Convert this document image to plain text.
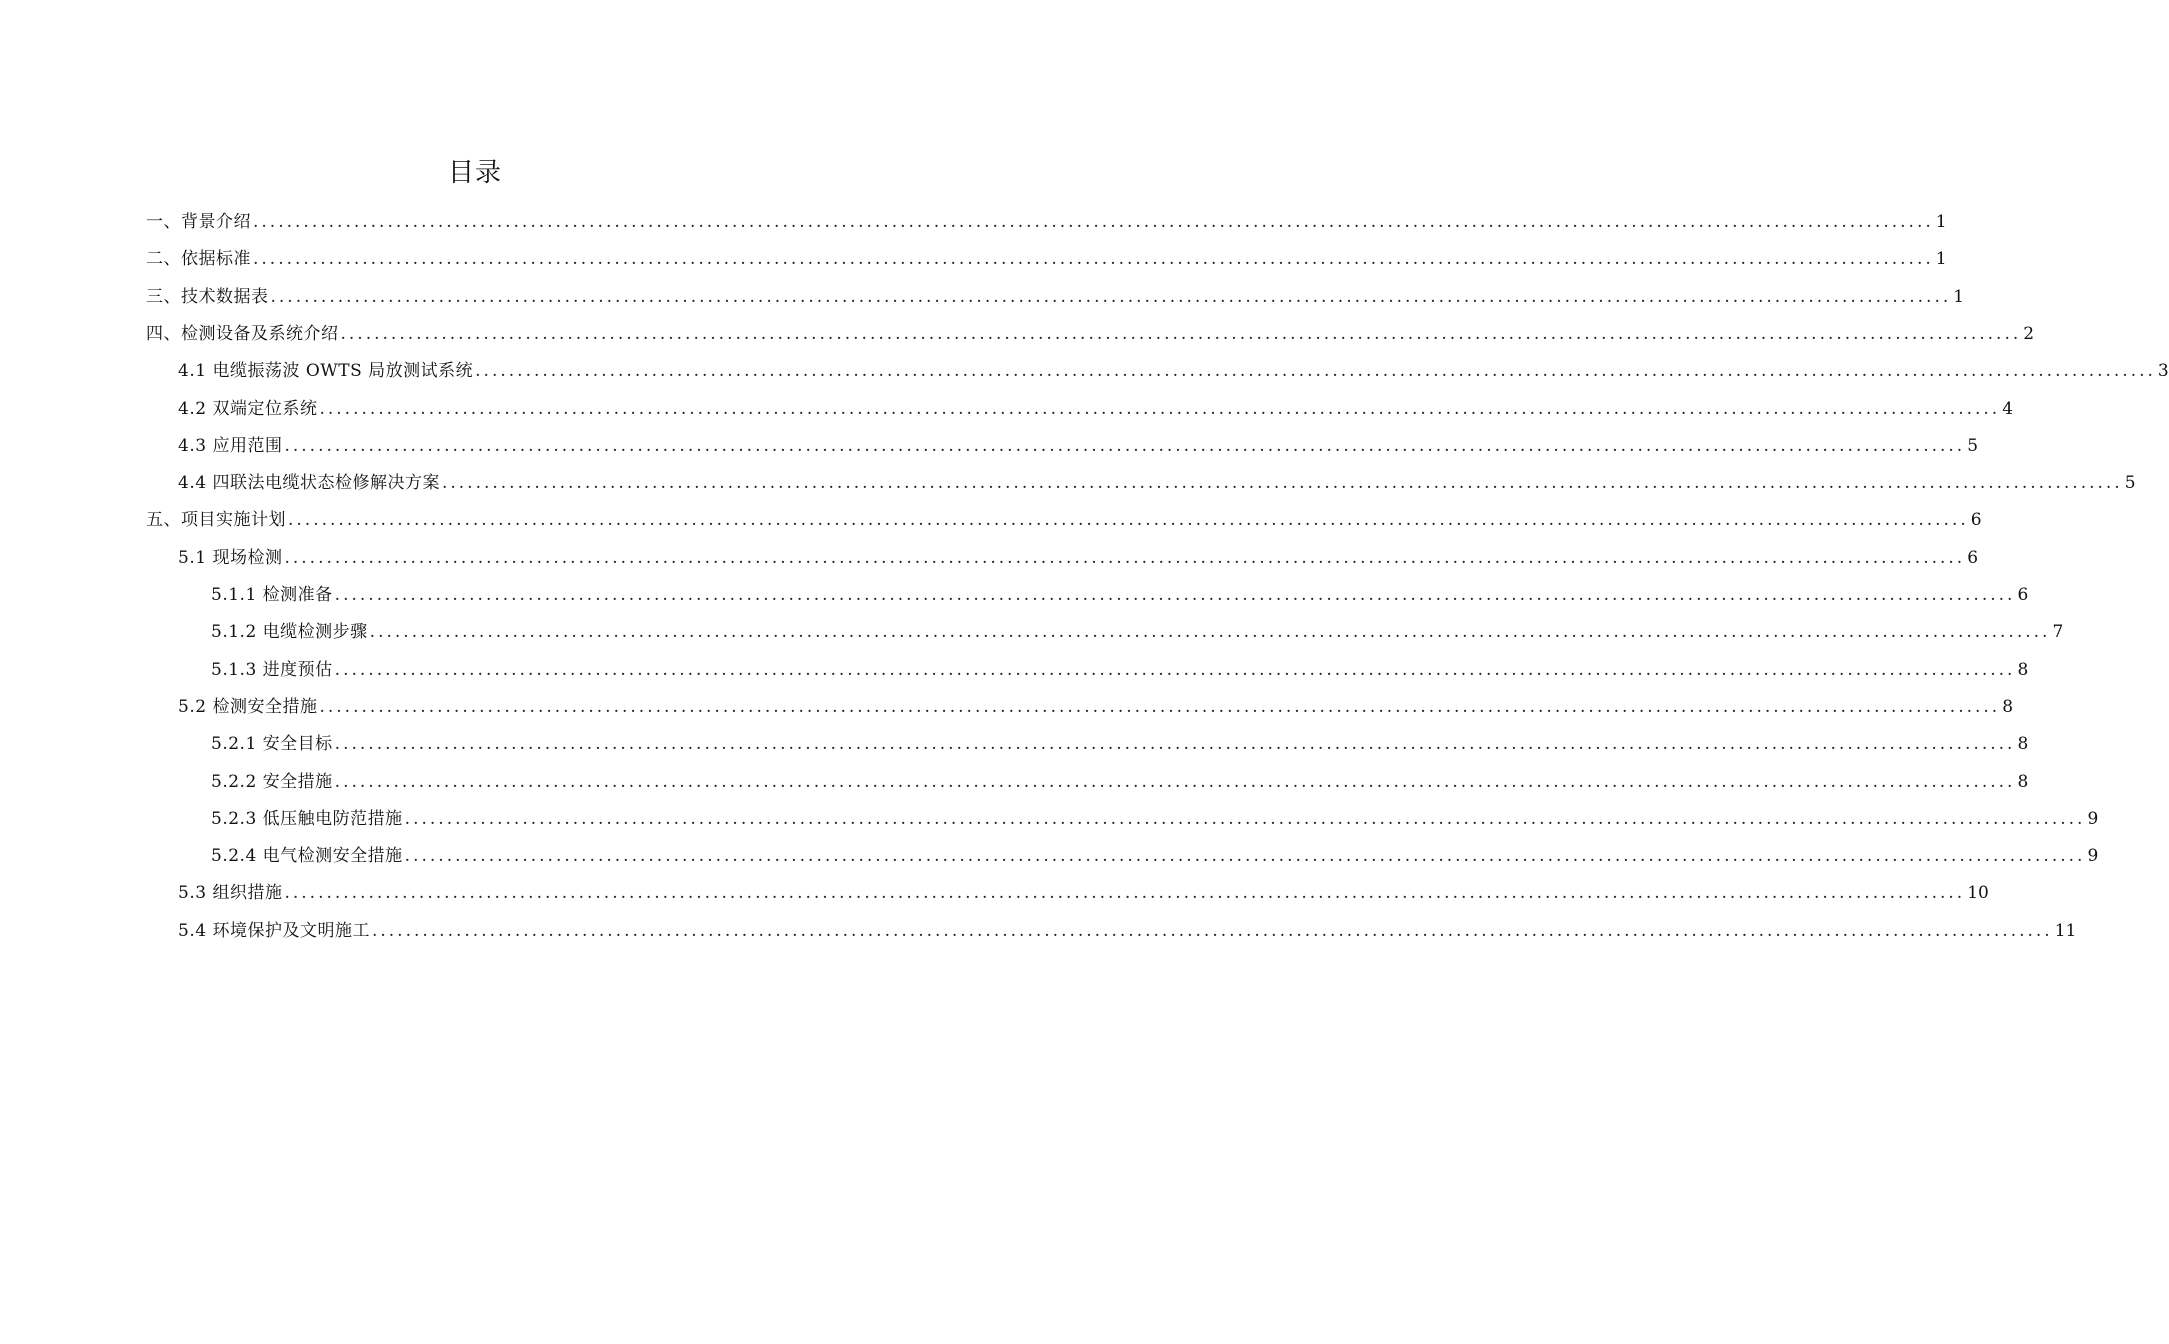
目录
一、背景介绍 ........................................................................................................................................................................................................ 1
二、依据标准 ........................................................................................................................................................................................................ 1
三、技术数据表 ........................................................................................................................................................................................................ 1
四、检测设备及系统介绍 ........................................................................................................................................................................................................ 2
4.1 电缆振荡波 OWTS 局放测试系统 ........................................................................................................................................................................................................ 3
4.2 双端定位系统 ........................................................................................................................................................................................................ 4
4.3 应用范围 ........................................................................................................................................................................................................ 5
4.4 四联法电缆状态检修解决方案 ........................................................................................................................................................................................................ 5
五、项目实施计划 ........................................................................................................................................................................................................ 6
5.1 现场检测 ........................................................................................................................................................................................................ 6
5.1.1 检测准备 ........................................................................................................................................................................................................ 6
5.1.2 电缆检测步骤 ........................................................................................................................................................................................................ 7
5.1.3 进度预估 ........................................................................................................................................................................................................ 8
5.2 检测安全措施 ........................................................................................................................................................................................................ 8
5.2.1 安全目标 ........................................................................................................................................................................................................ 8
5.2.2 安全措施 ........................................................................................................................................................................................................ 8
5.2.3 低压触电防范措施 ........................................................................................................................................................................................................ 9
5.2.4 电气检测安全措施 ........................................................................................................................................................................................................ 9
5.3 组织措施 ........................................................................................................................................................................................................ 10
5.4 环境保护及文明施工 ........................................................................................................................................................................................................ 11
